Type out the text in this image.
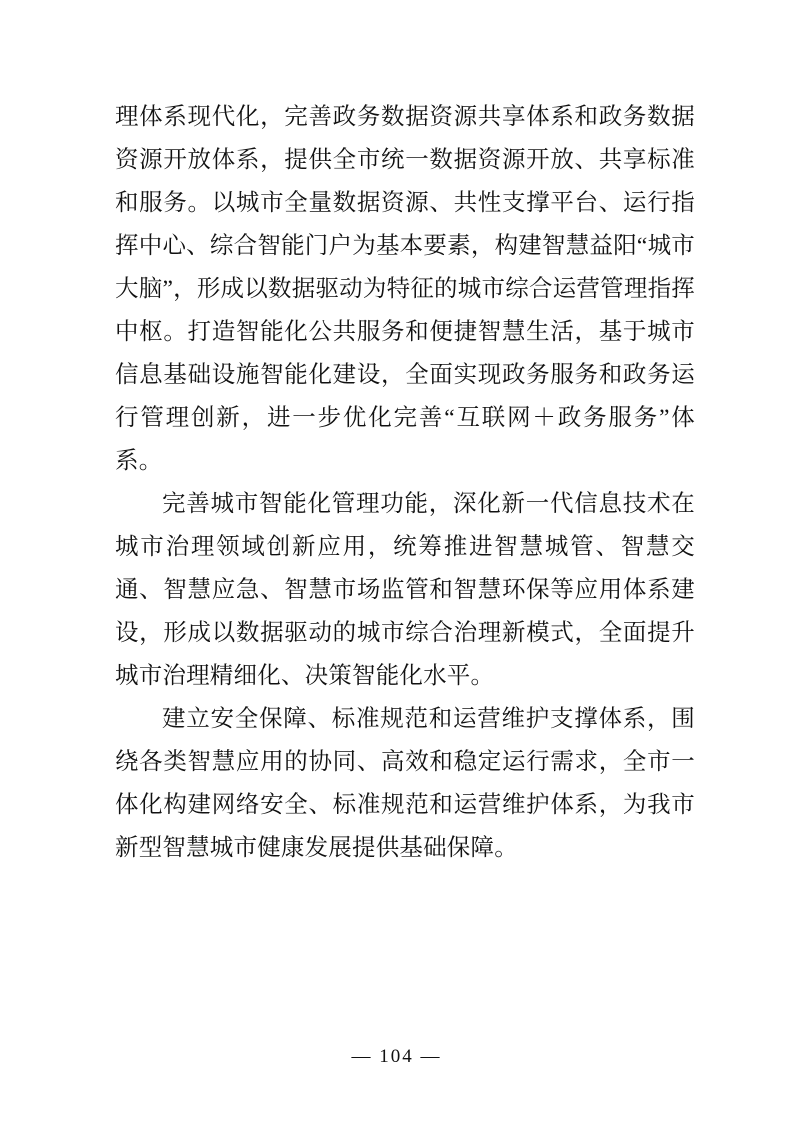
理体系现代化，完善政务数据资源共享体系和政务数据资源开放体系，提供全市统一数据资源开放、共享标准和服务。以城市全量数据资源、共性支撑平台、运行指挥中心、综合智能门户为基本要素，构建智慧益阳“城市大脑”，形成以数据驱动为特征的城市综合运营管理指挥中枢。打造智能化公共服务和便捷智慧生活，基于城市信息基础设施智能化建设，全面实现政务服务和政务运行管理创新，进一步优化完善“互联网＋政务服务”体系。

完善城市智能化管理功能，深化新一代信息技术在城市治理领域创新应用，统筹推进智慧城管、智慧交通、智慧应急、智慧市场监管和智慧环保等应用体系建设，形成以数据驱动的城市综合治理新模式，全面提升城市治理精细化、决策智能化水平。

建立安全保障、标准规范和运营维护支撑体系，围绕各类智慧应用的协同、高效和稳定运行需求，全市一体化构建网络安全、标准规范和运营维护体系，为我市新型智慧城市健康发展提供基础保障。

— 104 —
